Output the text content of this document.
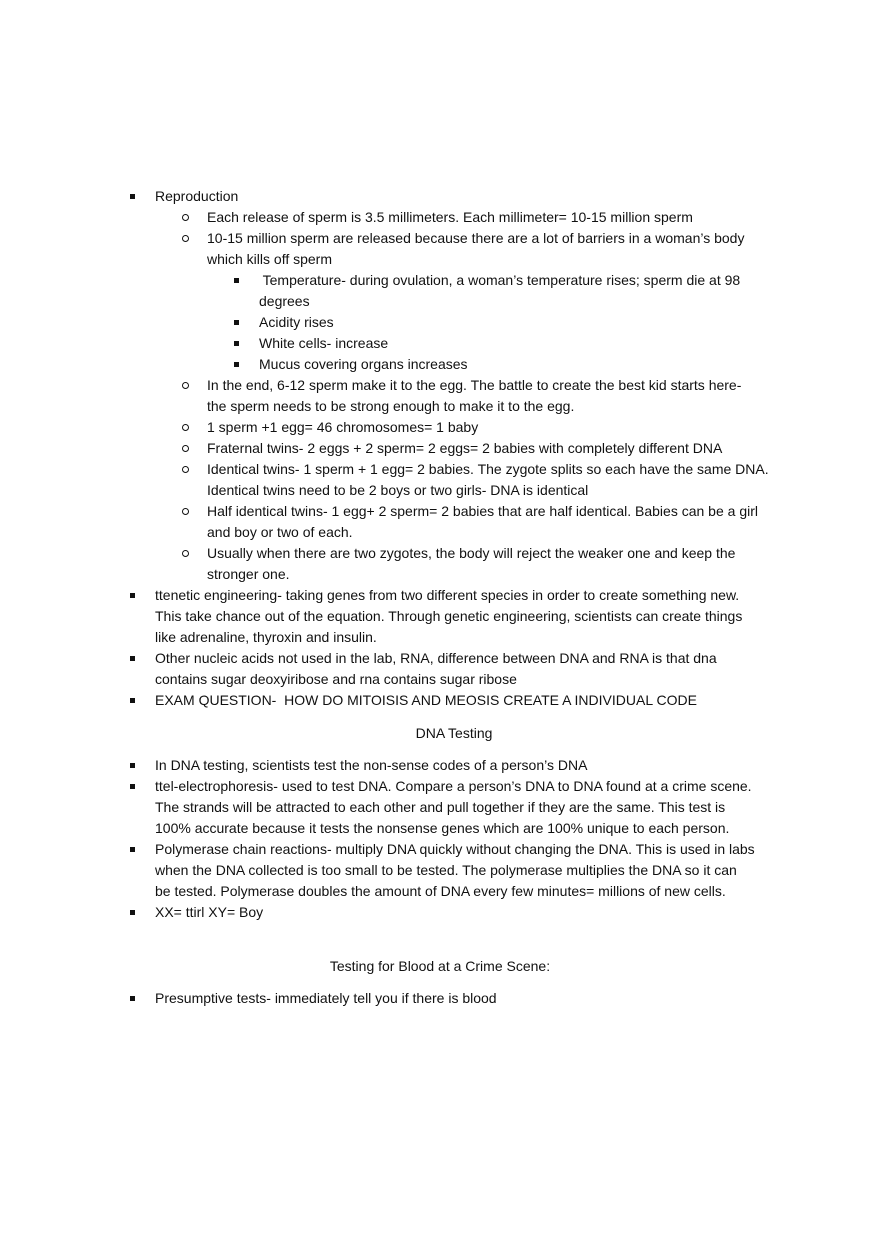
Reproduction
Each release of sperm is 3.5 millimeters. Each millimeter= 10-15 million sperm
10-15 million sperm are released because there are a lot of barriers in a woman’s body
which kills off sperm
Temperature- during ovulation, a woman’s temperature rises; sperm die at 98
degrees
Acidity rises
White cells- increase
Mucus covering organs increases
In the end, 6-12 sperm make it to the egg. The battle to create the best kid starts here-
the sperm needs to be strong enough to make it to the egg.
1 sperm +1 egg= 46 chromosomes= 1 baby
Fraternal twins- 2 eggs + 2 sperm= 2 eggs= 2 babies with completely different DNA
Identical twins- 1 sperm + 1 egg= 2 babies. The zygote splits so each have the same DNA.
Identical twins need to be 2 boys or two girls- DNA is identical
Half identical twins- 1 egg+ 2 sperm= 2 babies that are half identical. Babies can be a girl
and boy or two of each.
Usually when there are two zygotes, the body will reject the weaker one and keep the
stronger one.
ttenetic engineering- taking genes from two different species in order to create something new.
This take chance out of the equation. Through genetic engineering, scientists can create things
like adrenaline, thyroxin and insulin.
Other nucleic acids not used in the lab, RNA, difference between DNA and RNA is that dna
contains sugar deoxyiribose and rna contains sugar ribose
EXAM QUESTION-  HOW DO MITOISIS AND MEOSIS CREATE A INDIVIDUAL CODE
DNA Testing
In DNA testing, scientists test the non-sense codes of a person’s DNA
ttel-electrophoresis- used to test DNA. Compare a person’s DNA to DNA found at a crime scene.
The strands will be attracted to each other and pull together if they are the same. This test is
100% accurate because it tests the nonsense genes which are 100% unique to each person.
Polymerase chain reactions- multiply DNA quickly without changing the DNA. This is used in labs
when the DNA collected is too small to be tested. The polymerase multiplies the DNA so it can
be tested. Polymerase doubles the amount of DNA every few minutes= millions of new cells.
XX= ttirl XY= Boy
Testing for Blood at a Crime Scene:
Presumptive tests- immediately tell you if there is blood
